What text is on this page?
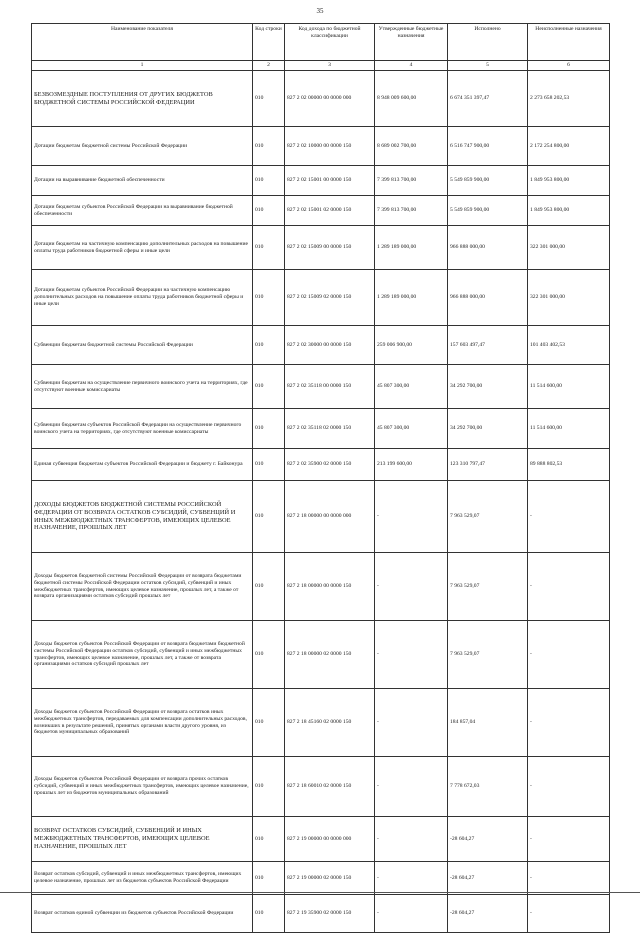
35
Наименование показателя	Код строки	Код дохода по бюджетной классификации	Утвержденные бюджетные назначения	Исполнено	Неисполненные назначения
1	2	3	4	5	6
БЕЗВОЗМЕЗДНЫЕ ПОСТУПЛЕНИЯ ОТ ДРУГИХ БЮДЖЕТОВ БЮДЖЕТНОЙ СИСТЕМЫ РОССИЙСКОЙ ФЕДЕРАЦИИ	010	827 2 02 00000 00 0000 000	8 948 009 600,00	6 674 351 397,47	2 273 658 202,53
Дотации бюджетам бюджетной системы Российской Федерации	010	827 2 02 10000 00 0000 150	8 689 002 700,00	6 516 747 900,00	2 172 254 800,00
Дотации на выравнивание бюджетной обеспеченности	010	827 2 02 15001 00 0000 150	7 399 813 700,00	5 549 859 900,00	1 849 953 800,00
Дотации бюджетам субъектов Российской Федерации на выравнивание бюджетной обеспеченности	010	827 2 02 15001 02 0000 150	7 399 813 700,00	5 549 859 900,00	1 849 953 800,00
Дотации бюджетам на частичную компенсацию дополнительных расходов на повышение оплаты труда работников бюджетной сферы и иные цели	010	827 2 02 15009 00 0000 150	1 289 189 000,00	966 888 000,00	322 301 000,00
Дотации бюджетам субъектов Российской Федерации на частичную компенсацию дополнительных расходов на повышение оплаты труда работников бюджетной сферы и иные цели	010	827 2 02 15009 02 0000 150	1 289 189 000,00	966 888 000,00	322 301 000,00
Субвенции бюджетам бюджетной системы Российской Федерации	010	827 2 02 30000 00 0000 150	259 006 900,00	157 603 497,47	101 403 402,53
Субвенции бюджетам на осуществление первичного воинского учета на территориях, где отсутствуют военные комиссариаты	010	827 2 02 35118 00 0000 150	45 807 300,00	34 292 700,00	11 514 600,00
Субвенции бюджетам субъектов Российской Федерации на осуществление первичного воинского учета на территориях, где отсутствуют военные комиссариаты	010	827 2 02 35118 02 0000 150	45 807 300,00	34 292 700,00	11 514 600,00
Единая субвенция бюджетам субъектов Российской Федерации и бюджету г. Байконура	010	827 2 02 35900 02 0000 150	213 199 600,00	123 310 797,47	89 888 802,53
ДОХОДЫ БЮДЖЕТОВ БЮДЖЕТНОЙ СИСТЕМЫ РОССИЙСКОЙ ФЕДЕРАЦИИ ОТ ВОЗВРАТА ОСТАТКОВ СУБСИДИЙ, СУБВЕНЦИЙ И ИНЫХ МЕЖБЮДЖЕТНЫХ ТРАНСФЕРТОВ, ИМЕЮЩИХ ЦЕЛЕВОЕ НАЗНАЧЕНИЕ, ПРОШЛЫХ ЛЕТ	010	827 2 18 00000 00 0000 000	-	7 963 529,07	-
Доходы бюджетов бюджетной системы Российской Федерации от возврата бюджетами бюджетной системы Российской Федерации остатков субсидий, субвенций и иных межбюджетных трансфертов, имеющих целевое назначение, прошлых лет, а также от возврата организациями остатков субсидий прошлых лет	010	827 2 18 00000 00 0000 150	-	7 963 529,07	-
Доходы бюджетов субъектов Российской Федерации от возврата бюджетами бюджетной системы Российской Федерации остатков субсидий, субвенций и иных межбюджетных трансфертов, имеющих целевое назначение, прошлых лет, а также от возврата организациями остатков субсидий прошлых лет	010	827 2 18 00000 02 0000 150	-	7 963 529,07	-
Доходы бюджетов субъектов Российской Федерации от возврата остатков иных межбюджетных трансфертов, передаваемых для компенсации дополнительных расходов, возникших в результате решений, принятых органами власти другого уровня, из бюджетов муниципальных образований	010	827 2 18 45160 02 0000 150	-	184 857,04	-
Доходы бюджетов субъектов Российской Федерации от возврата прочих остатков субсидий, субвенций и иных межбюджетных трансфертов, имеющих целевое назначение, прошлых лет из бюджетов муниципальных образований	010	827 2 18 60010 02 0000 150	-	7 778 672,03	-
ВОЗВРАТ ОСТАТКОВ СУБСИДИЙ, СУБВЕНЦИЙ И ИНЫХ МЕЖБЮДЖЕТНЫХ ТРАНСФЕРТОВ, ИМЕЮЩИХ ЦЕЛЕВОЕ НАЗНАЧЕНИЕ, ПРОШЛЫХ ЛЕТ	010	827 2 19 00000 00 0000 000	-	-28 604,27	-
Возврат остатков субсидий, субвенций и иных межбюджетных трансфертов, имеющих целевое назначение, прошлых лет из бюджетов субъектов Российской Федерации	010	827 2 19 00000 02 0000 150	-	-28 604,27	-
Возврат остатков единой субвенции из бюджетов субъектов Российской Федерации	010	827 2 19 35900 02 0000 150	-	-28 604,27	-
